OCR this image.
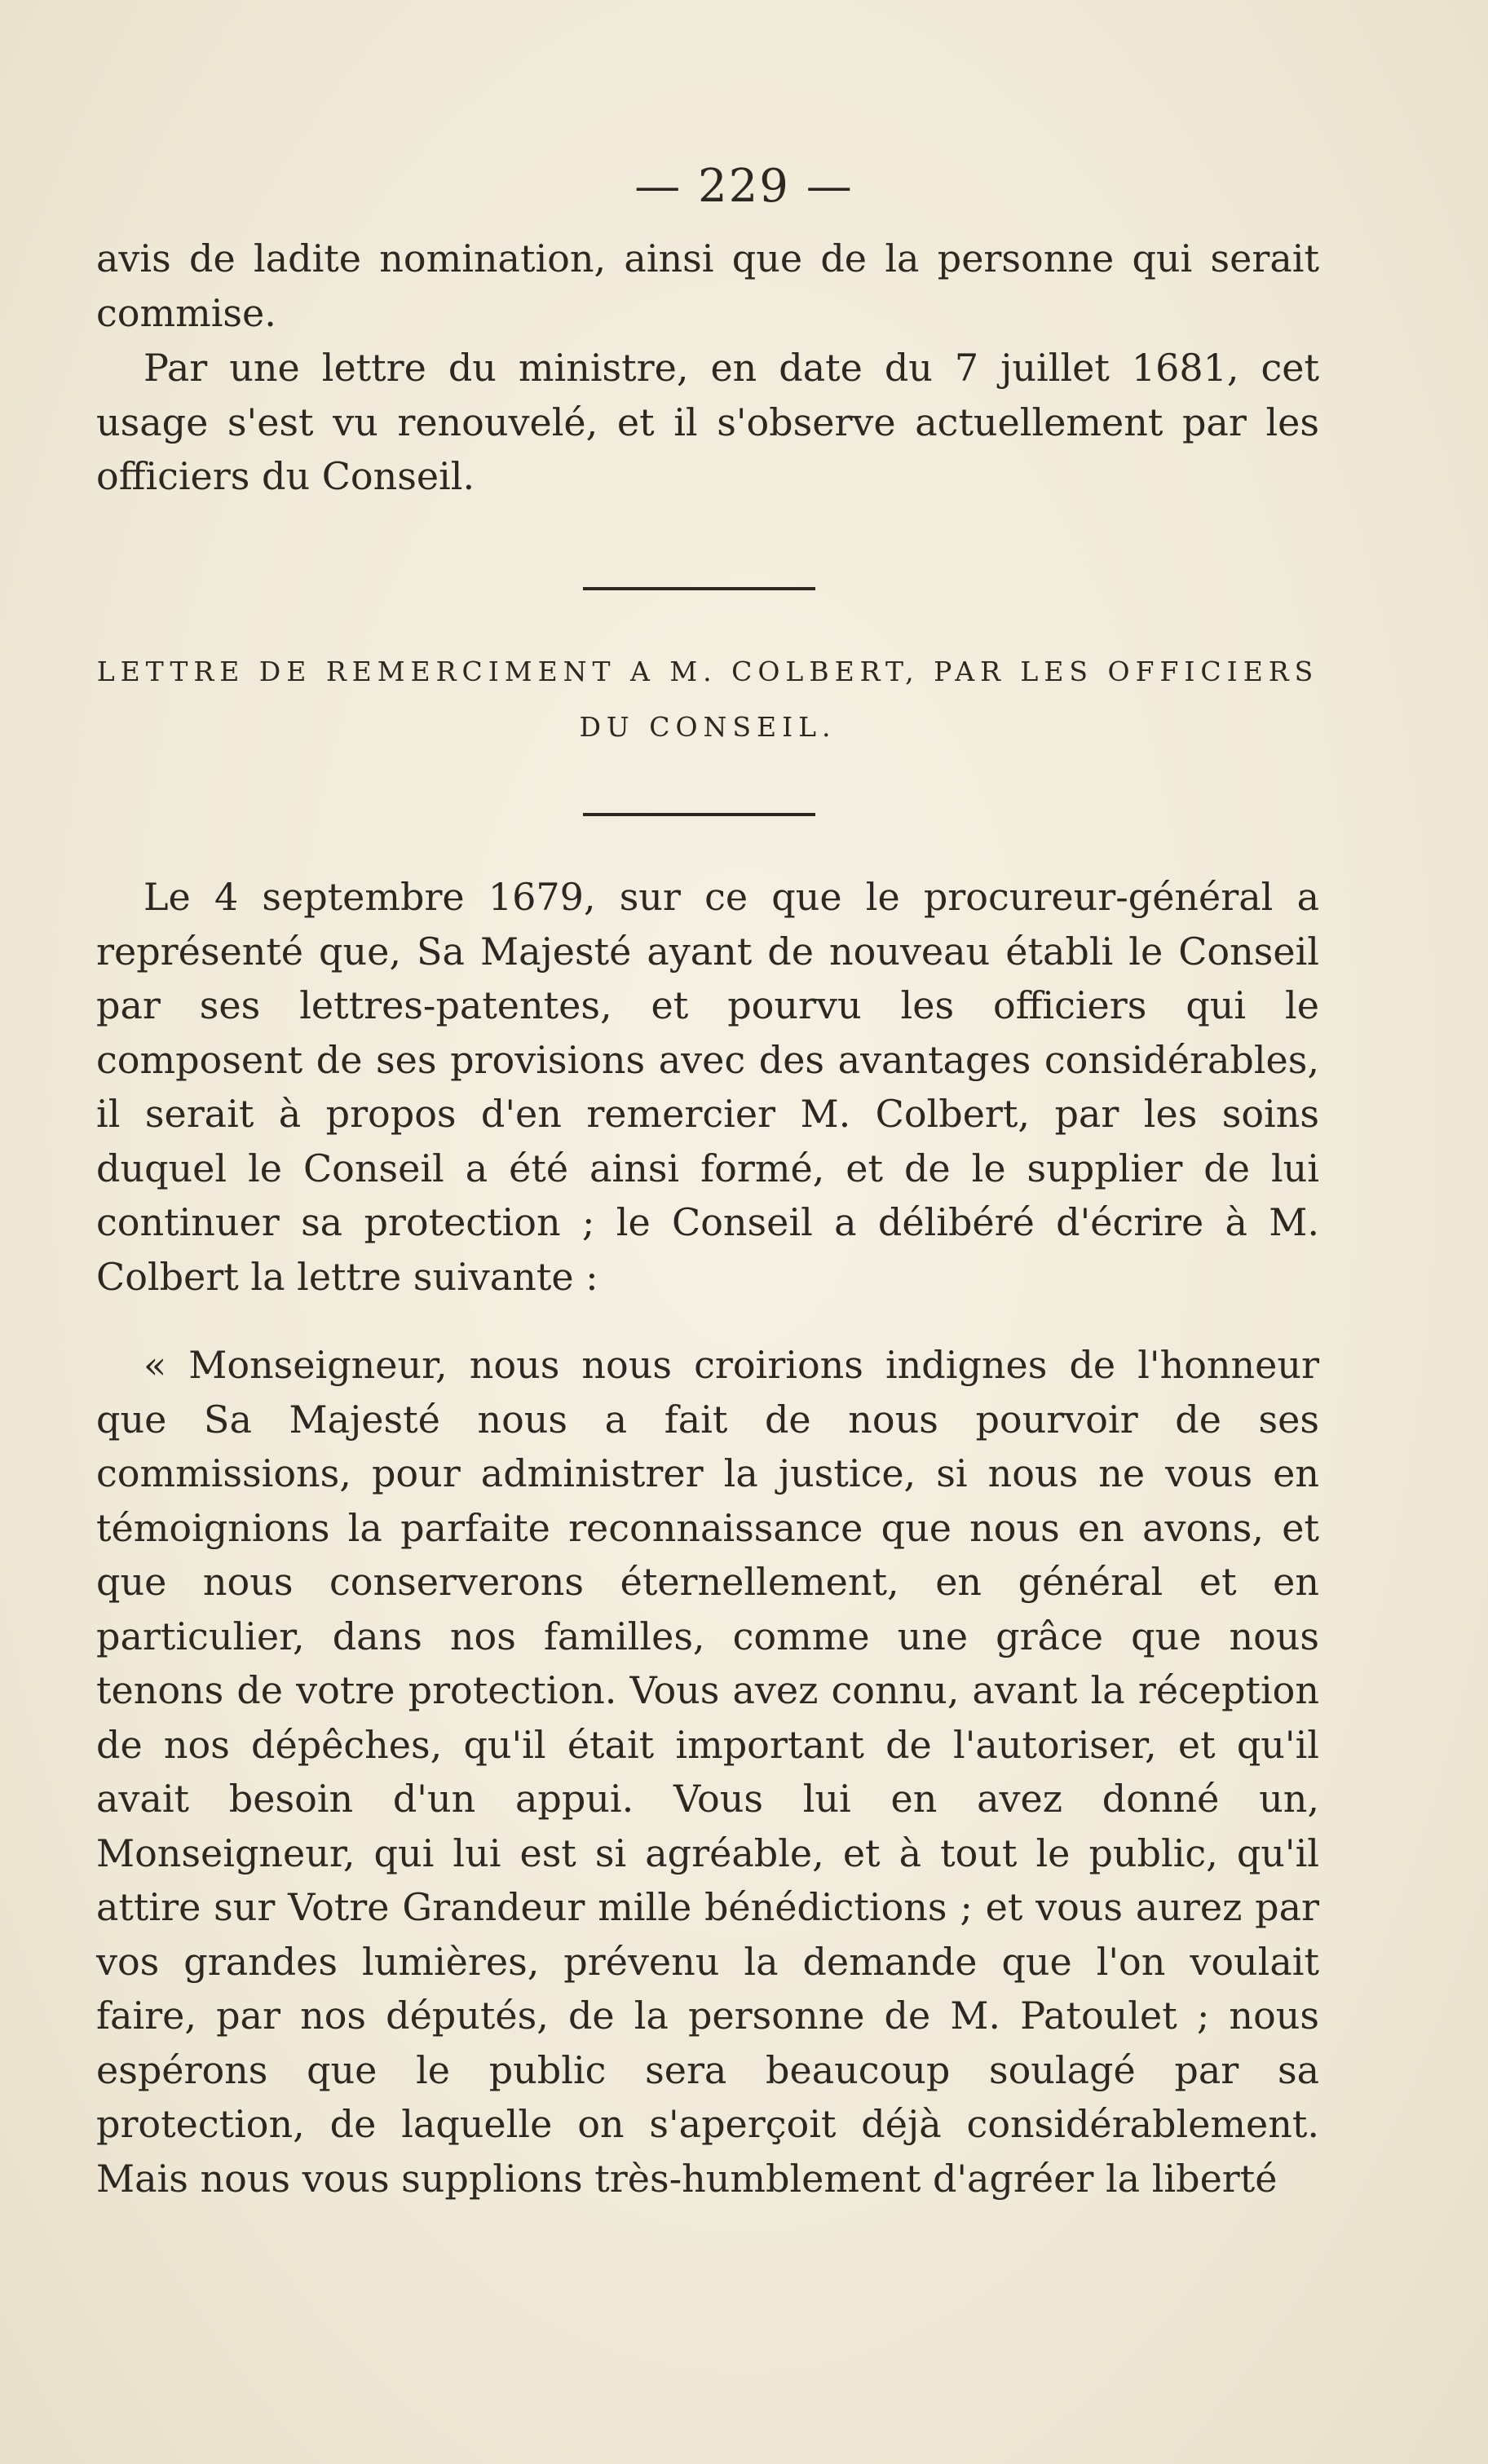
— 229 —

avis de ladite nomination, ainsi que de la personne qui serait commise.

Par une lettre du ministre, en date du 7 juillet 1681, cet usage s'est vu renouvelé, et il s'observe actuellement par les officiers du Conseil.

LETTRE DE REMERCIMENT A M. COLBERT, PAR LES OFFICIERS DU CONSEIL.

Le 4 septembre 1679, sur ce que le procureur-général a représenté que, Sa Majesté ayant de nouveau établi le Conseil par ses lettres-patentes, et pourvu les officiers qui le composent de ses provisions avec des avantages considérables, il serait à propos d'en remercier M. Colbert, par les soins duquel le Conseil a été ainsi formé, et de le supplier de lui continuer sa protection ; le Conseil a délibéré d'écrire à M. Colbert la lettre suivante :

« Monseigneur, nous nous croirions indignes de l'honneur que Sa Majesté nous a fait de nous pourvoir de ses commissions, pour administrer la justice, si nous ne vous en témoignions la parfaite reconnaissance que nous en avons, et que nous conserverons éternellement, en général et en particulier, dans nos familles, comme une grâce que nous tenons de votre protection. Vous avez connu, avant la réception de nos dépêches, qu'il était important de l'autoriser, et qu'il avait besoin d'un appui. Vous lui en avez donné un, Monseigneur, qui lui est si agréable, et à tout le public, qu'il attire sur Votre Grandeur mille bénédictions ; et vous aurez par vos grandes lumières, prévenu la demande que l'on voulait faire, par nos députés, de la personne de M. Patoulet ; nous espérons que le public sera beaucoup soulagé par sa protection, de laquelle on s'aperçoit déjà considérablement. Mais nous vous supplions très-humblement d'agréer la liberté
